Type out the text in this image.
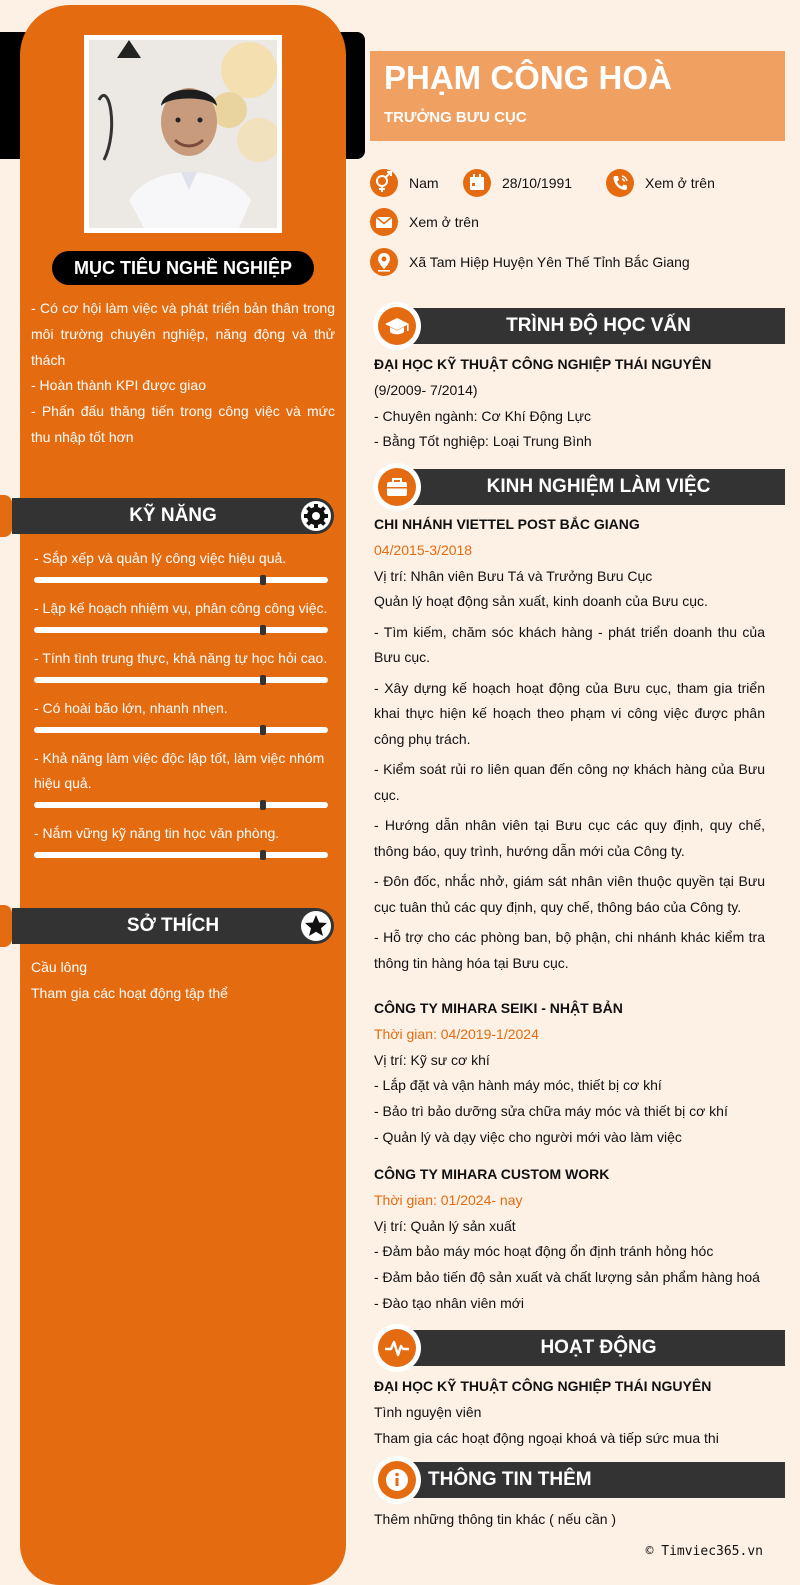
MỤC TIÊU NGHỀ NGHIỆP
- Có cơ hội làm việc và phát triển bản thân trong môi trường chuyên nghiệp, năng động và thử thách
- Hoàn thành KPI được giao
- Phấn đấu thăng tiến trong công việc và mức thu nhập tốt hơn
KỸ NĂNG
- Sắp xếp và quản lý công việc hiệu quả.
- Lập kế hoạch nhiệm vụ, phân công công việc.
- Tính tình trung thực, khả năng tự học hỏi cao.
- Có hoài bão lớn, nhanh nhẹn.
- Khả năng làm việc độc lập tốt, làm việc nhóm hiệu quả.
- Nắm vững kỹ năng tin học văn phòng.
SỞ THÍCH
Cầu lông
Tham gia các hoạt động tập thể
PHẠM CÔNG HOÀ
TRƯỞNG BƯU CỤC
Nam	28/10/1991	Xem ở trên
Xem ở trên
Xã Tam Hiệp Huyện Yên Thế Tỉnh Bắc Giang
TRÌNH ĐỘ HỌC VẤN
ĐẠI HỌC KỸ THUẬT CÔNG NGHIỆP THÁI NGUYÊN
(9/2009- 7/2014)
- Chuyên ngành: Cơ Khí Động Lực
- Bằng Tốt nghiệp: Loại Trung Bình
KINH NGHIỆM LÀM VIỆC
CHI NHÁNH VIETTEL POST BẮC GIANG
04/2015-3/2018
Vị trí: Nhân viên Bưu Tá và Trưởng Bưu Cục
Quản lý hoạt động sản xuất, kinh doanh của Bưu cục.
- Tìm kiếm, chăm sóc khách hàng - phát triển doanh thu của Bưu cục.
- Xây dựng kế hoạch hoạt động của Bưu cục, tham gia triển khai thực hiện kế hoạch theo phạm vi công việc được phân công phụ trách.
- Kiểm soát rủi ro liên quan đến công nợ khách hàng của Bưu cục.
- Hướng dẫn nhân viên tại Bưu cục các quy định, quy chế, thông báo, quy trình, hướng dẫn mới của Công ty.
- Đôn đốc, nhắc nhở, giám sát nhân viên thuộc quyền tại Bưu cục tuân thủ các quy định, quy chế, thông báo của Công ty.
- Hỗ trợ cho các phòng ban, bộ phận, chi nhánh khác kiểm tra thông tin hàng hóa tại Bưu cục.
CÔNG TY MIHARA SEIKI - NHẬT BẢN
Thời gian: 04/2019-1/2024
Vị trí: Kỹ sư cơ khí
- Lắp đặt và vận hành máy móc, thiết bị cơ khí
- Bảo trì bảo dưỡng sửa chữa máy móc và thiết bị cơ khí
- Quản lý và dạy việc cho người mới vào làm việc
CÔNG TY MIHARA CUSTOM WORK
Thời gian: 01/2024- nay
Vị trí: Quản lý sản xuất
- Đảm bảo máy móc hoạt động ổn định tránh hỏng hóc
- Đảm bảo tiến độ sản xuất và chất lượng sản phẩm hàng hoá
- Đào tạo nhân viên mới
HOẠT ĐỘNG
ĐẠI HỌC KỸ THUẬT CÔNG NGHIỆP THÁI NGUYÊN
Tình nguyện viên
Tham gia các hoạt động ngoại khoá và tiếp sức mua thi
THÔNG TIN THÊM
Thêm những thông tin khác ( nếu cần )
© Timviec365.vn
